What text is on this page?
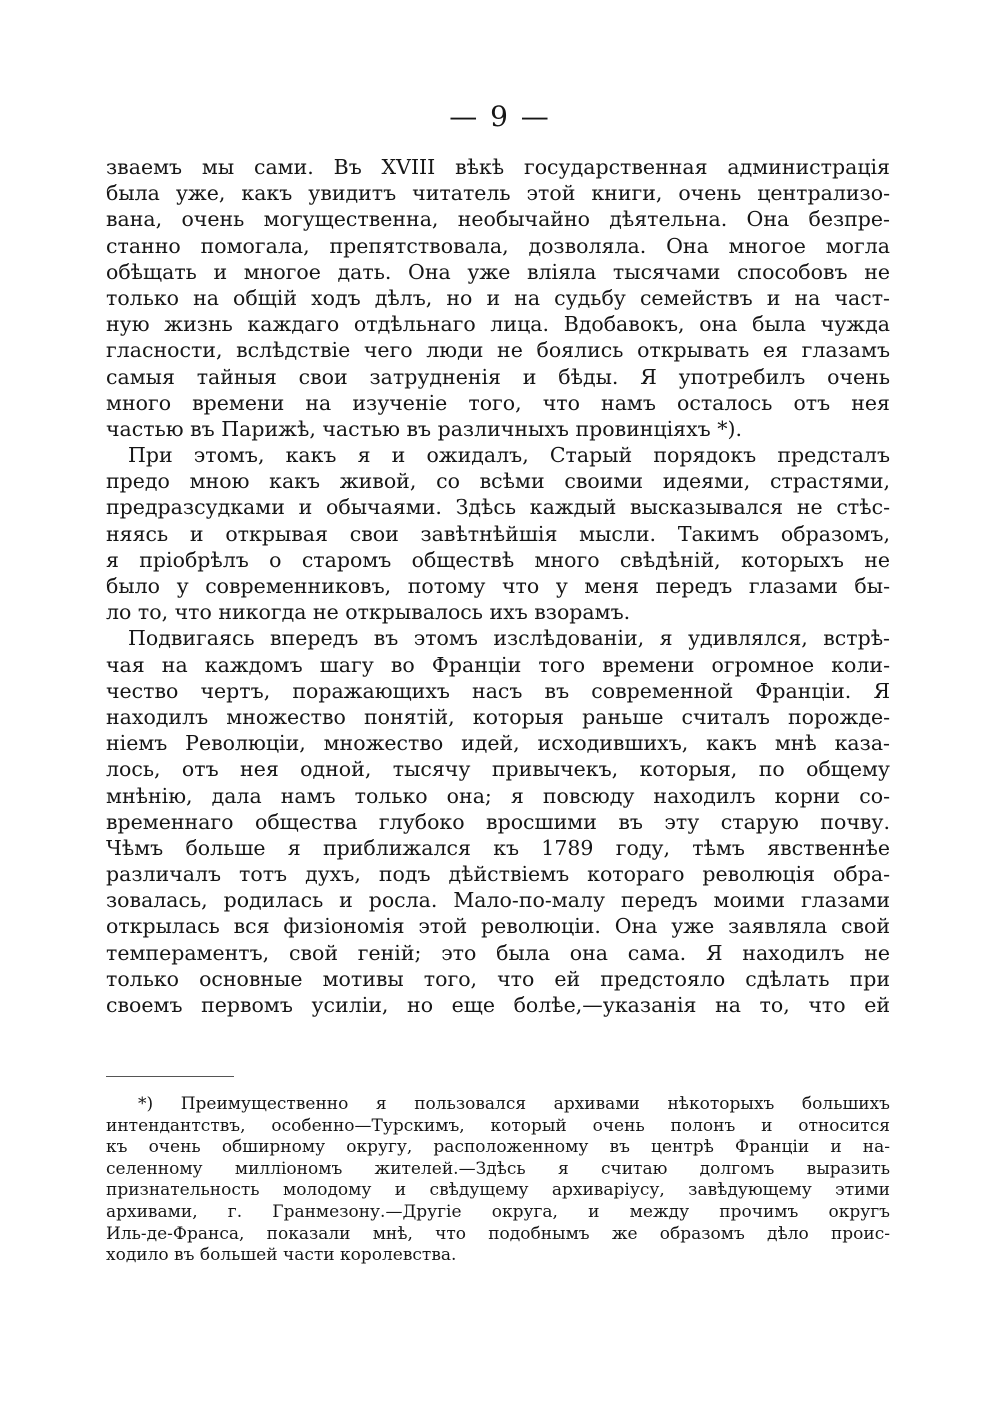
— 9 —
зваемъ мы сами. Въ XVIII вѣкѣ государственная администрація
была уже, какъ увидитъ читатель этой книги, очень централизо-
вана, очень могущественна, необычайно дѣятельна. Она безпре-
станно помогала, препятствовала, дозволяла. Она многое могла
обѣщать и многое дать. Она уже вліяла тысячами способовъ не
только на общій ходъ дѣлъ, но и на судьбу семействъ и на част-
ную жизнь каждаго отдѣльнаго лица. Вдобавокъ, она была чужда
гласности, вслѣдствіе чего люди не боялись открывать ея глазамъ
самыя тайныя свои затрудненія и бѣды. Я употребилъ очень
много времени на изученіе того, что намъ осталось отъ нея
частью въ Парижѣ, частью въ различныхъ провинціяхъ *).
При этомъ, какъ я и ожидалъ, Старый порядокъ предсталъ
предо мною какъ живой, со всѣми своими идеями, страстями,
предразсудками и обычаями. Здѣсь каждый высказывался не стѣс-
няясь и открывая свои завѣтнѣйшія мысли. Такимъ образомъ,
я пріобрѣлъ о старомъ обществѣ много свѣдѣній, которыхъ не
было у современниковъ, потому что у меня передъ глазами бы-
ло то, что никогда не открывалось ихъ взорамъ.
Подвигаясь впередъ въ этомъ изслѣдованіи, я удивлялся, встрѣ-
чая на каждомъ шагу во Франціи того времени огромное коли-
чество чертъ, поражающихъ насъ въ современной Франціи. Я
находилъ множество понятій, которыя раньше считалъ порожде-
ніемъ Революціи, множество идей, исходившихъ, какъ мнѣ каза-
лось, отъ нея одной, тысячу привычекъ, которыя, по общему
мнѣнію, дала намъ только она; я повсюду находилъ корни со-
временнаго общества глубоко вросшими въ эту старую почву.
Чѣмъ больше я приближался къ 1789 году, тѣмъ явственнѣе
различалъ тотъ духъ, подъ дѣйствіемъ котораго революція обра-
зовалась, родилась и росла. Мало-по-малу передъ моими глазами
открылась вся физіономія этой революціи. Она уже заявляла свой
темпераментъ, свой геній; это была она сама. Я находилъ не
только основные мотивы того, что ей предстояло сдѣлать при
своемъ первомъ усиліи, но еще болѣе,—указанія на то, что ей
*) Преимущественно я пользовался архивами нѣкоторыхъ большихъ
интендантствъ, особенно—Турскимъ, который очень полонъ и относится
къ очень обширному округу, расположенному въ центрѣ Франціи и на-
селенному милліономъ жителей.—Здѣсь я считаю долгомъ выразить
признательность молодому и свѣдущему архиваріусу, завѣдующему этими
архивами, г. Гранмезону.—Другіе округа, и между прочимъ округъ
Иль-де-Франса, показали мнѣ, что подобнымъ же образомъ дѣло проис-
ходило въ большей части королевства.
